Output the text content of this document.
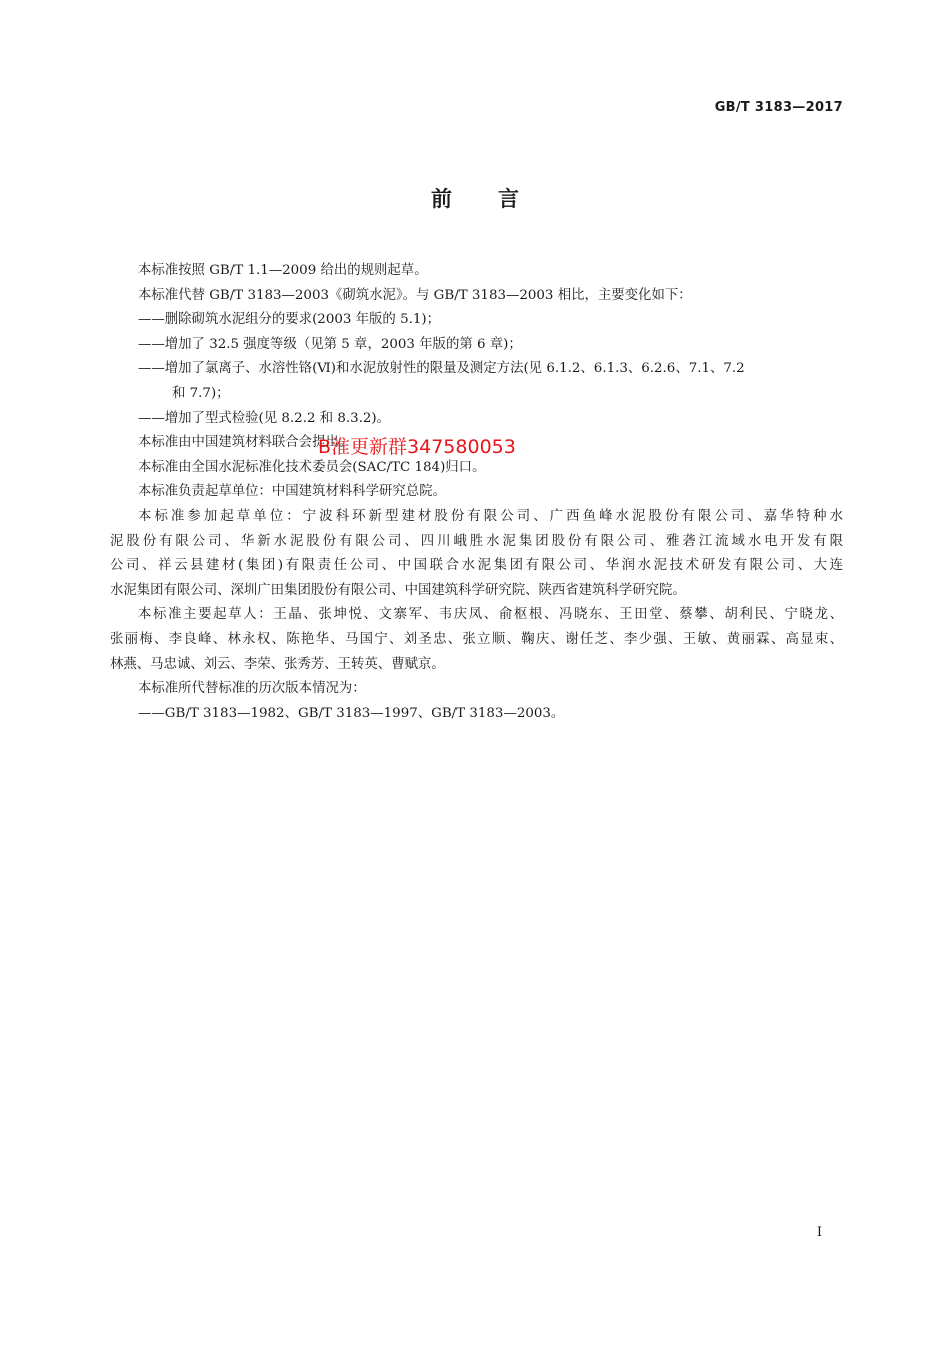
GB/T 3183—2017
前 言
本标准按照 GB/T 1.1—2009 给出的规则起草。
本标准代替 GB/T 3183—2003《砌筑水泥》。与 GB/T 3183—2003 相比，主要变化如下：
——删除砌筑水泥组分的要求(2003 年版的 5.1)；
——增加了 32.5 强度等级（见第 5 章，2003 年版的第 6 章)；
——增加了氯离子、水溶性铬(Ⅵ)和水泥放射性的限量及测定方法(见 6.1.2、6.1.3、6.2.6、7.1、7.2
和 7.7)；
——增加了型式检验(见 8.2.2 和 8.3.2)。
本标准由中国建筑材料联合会提出。
本标准由全国水泥标准化技术委员会(SAC/TC 184)归口。
本标准负责起草单位：中国建筑材料科学研究总院。
本标准参加起草单位：宁波科环新型建材股份有限公司、广西鱼峰水泥股份有限公司、嘉华特种水
泥股份有限公司、华新水泥股份有限公司、四川峨胜水泥集团股份有限公司、雅砻江流域水电开发有限
公司、祥云县建材(集团)有限责任公司、中国联合水泥集团有限公司、华润水泥技术研发有限公司、大连
水泥集团有限公司、深圳广田集团股份有限公司、中国建筑科学研究院、陕西省建筑科学研究院。
本标准主要起草人：王晶、张坤悦、文寨军、韦庆凤、俞枢根、冯晓东、王田堂、蔡攀、胡利民、宁晓龙、
张丽梅、李良峰、林永权、陈艳华、马国宁、刘圣忠、张立顺、鞠庆、谢任芝、李少强、王敏、黄丽霖、高显束、
林燕、马忠诚、刘云、李荣、张秀芳、王转英、曹赋京。
本标准所代替标准的历次版本情况为：
——GB/T 3183—1982、GB/T 3183—1997、GB/T 3183—2003。
B淮更新群347580053
I
